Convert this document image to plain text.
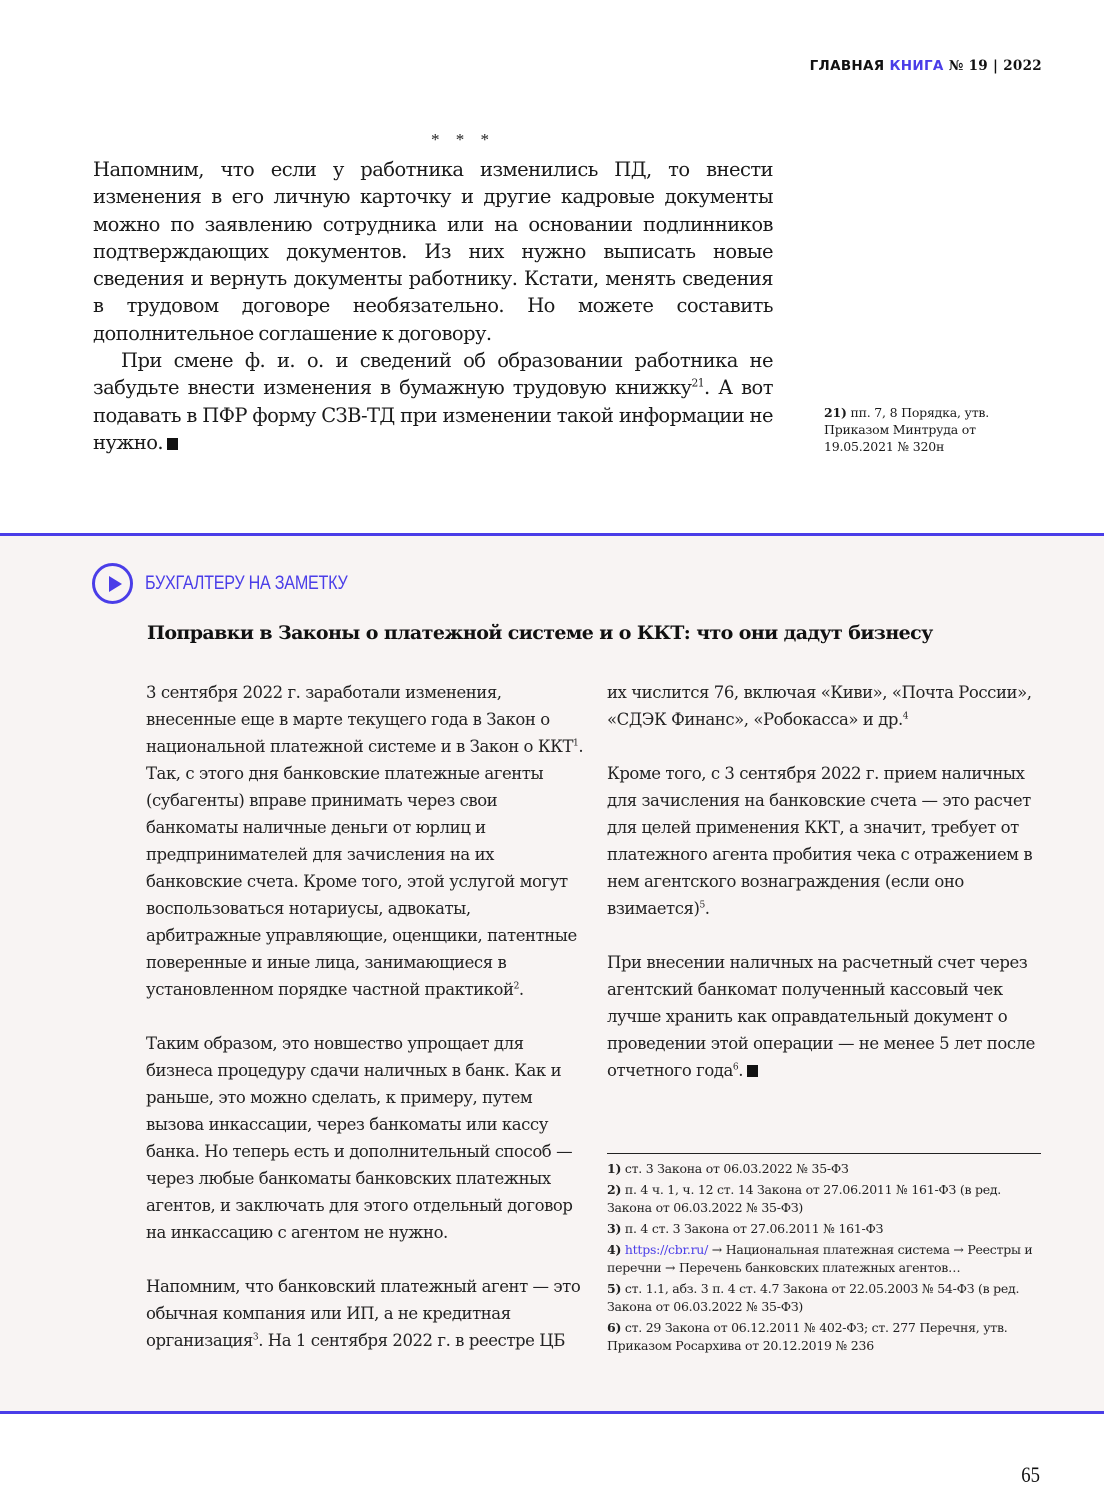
ГЛАВНАЯ КНИГА № 19 | 2022
* * *

Напомним, что если у работника изменились ПД, то внести изменения в его личную карточку и другие кадровые документы можно по заявлению сотрудника или на основании подлинников подтверждающих документов. Из них нужно выписать новые сведения и вернуть документы работнику. Кстати, менять сведения в трудовом договоре необязательно. Но можете составить дополнительное соглашение к договору.

При смене ф. и. о. и сведений об образовании работника не забудьте внести изменения в бумажную трудовую книжку$^{21}$. А вот подавать в ПФР форму СЗВ-ТД при изменении такой информации не нужно.

21) пп. 7, 8 Порядка, утв. Приказом Минтруда от 19.05.2021 № 320н
БУХГАЛТЕРУ НА ЗАМЕТКУ
Поправки в Законы о платежной системе и о ККТ: что они дадут бизнесу

3 сентября 2022 г. заработали изменения, внесенные еще в марте текущего года в Закон о национальной платежной системе и в Закон о ККТ$^1$. Так, с этого дня банковские платежные агенты (субагенты) вправе принимать через свои банкоматы наличные деньги от юрлиц и предпринимателей для зачисления на их банковские счета. Кроме того, этой услугой могут воспользоваться нотариусы, адвокаты, арбитражные управляющие, оценщики, патентные поверенные и иные лица, занимающиеся в установленном порядке частной практикой$^2$.

Таким образом, это новшество упрощает для бизнеса процедуру сдачи наличных в банк. Как и раньше, это можно сделать, к примеру, путем вызова инкассации, через банкоматы или кассу банка. Но теперь есть и дополнительный способ — через любые банкоматы банковских платежных агентов, и заключать для этого отдельный договор на инкассацию с агентом не нужно.

Напомним, что банковский платежный агент — это обычная компания или ИП, а не кредитная организация$^3$. На 1 сентября 2022 г. в реестре ЦБ

их числится 76, включая «Киви», «Почта России», «СДЭК Финанс», «Робокасса» и др.$^4$

Кроме того, с 3 сентября 2022 г. прием наличных для зачисления на банковские счета — это расчет для целей применения ККТ, а значит, требует от платежного агента пробития чека с отражением в нем агентского вознаграждения (если оно взимается)$^5$.

При внесении наличных на расчетный счет через агентский банкомат полученный кассовый чек лучше хранить как оправдательный документ о проведении этой операции — не менее 5 лет после отчетного года$^6$.

1) ст. 3 Закона от 06.03.2022 № 35-ФЗ
2) п. 4 ч. 1, ч. 12 ст. 14 Закона от 27.06.2011 № 161-ФЗ (в ред. Закона от 06.03.2022 № 35-ФЗ)
3) п. 4 ст. 3 Закона от 27.06.2011 № 161-ФЗ
4) https://cbr.ru/ → Национальная платежная система → Реестры и перечни → Перечень банковских платежных агентов…
5) ст. 1.1, абз. 3 п. 4 ст. 4.7 Закона от 22.05.2003 № 54-ФЗ (в ред. Закона от 06.03.2022 № 35-ФЗ)
6) ст. 29 Закона от 06.12.2011 № 402-ФЗ; ст. 277 Перечня, утв. Приказом Росархива от 20.12.2019 № 236
65
